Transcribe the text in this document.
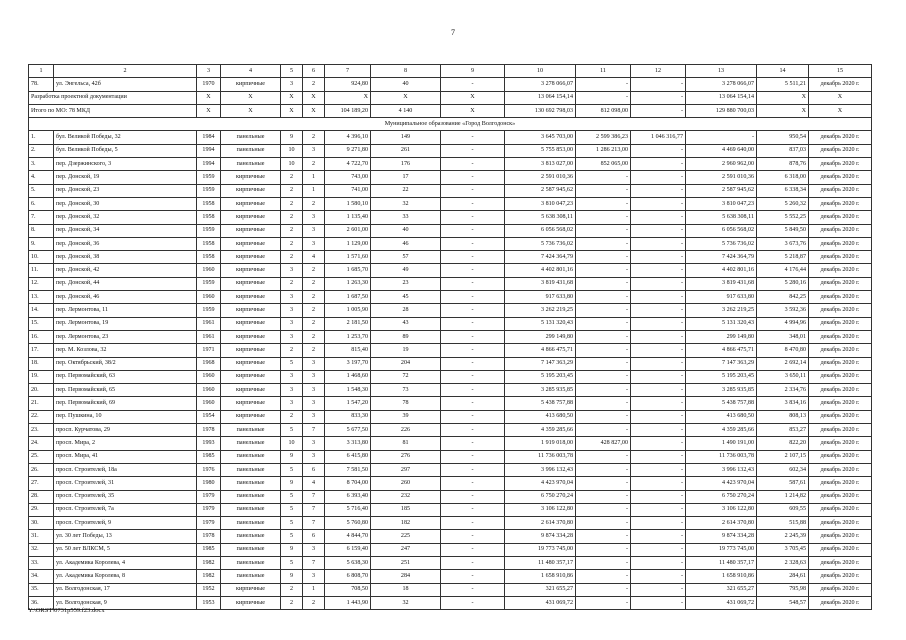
7
1	2	3	4	5	6	7	8	9	10	11	12	13	14	15
78.	ул. Энгельса, 42б	1970	кирпичные	3	2	924,80	40	-	3 278 066,07	-	-	3 278 066,07	5 511,21	декабрь 2020 г.
Разработка проектной документации		X	X	X	X	X	X	X	13 064 154,14	-	-	13 064 154,14	X	X
Итого по МО: 78 МКД		X	X	X	X	104 189,20	4 140	X	130 692 798,03	812 098,00	-	129 880 700,03	X	X
Муниципальное образование «Город Волгодонск»														
1.	бул. Великой Победы, 32	1984	панельные	9	2	4 396,10	149	-	3 645 703,00	2 599 386,23	1 046 316,77	-	950,54	декабрь 2020 г.
2.	бул. Великой Победы, 5	1994	панельные	10	3	9 271,80	261	-	5 755 853,00	1 286 213,00	-	4 469 640,00	837,03	декабрь 2020 г.
3.	пер. Дзержинского, 3	1994	панельные	10	2	4 722,70	176	-	3 813 027,00	852 065,00	-	2 960 962,00	878,76	декабрь 2020 г.
4.	пер. Донской, 19	1959	кирпичные	2	1	743,00	17	-	2 591 010,36	-	-	2 591 010,36	6 318,00	декабрь 2020 г.
5.	пер. Донской, 23	1959	кирпичные	2	1	741,00	22	-	2 587 945,62	-	-	2 587 945,62	6 338,34	декабрь 2020 г.
6.	пер. Донской, 30	1958	кирпичные	2	2	1 580,10	32	-	3 810 047,23	-	-	3 810 047,23	5 260,32	декабрь 2020 г.
7.	пер. Донской, 32	1958	кирпичные	2	3	1 135,40	33	-	5 638 308,11	-	-	5 638 308,11	5 552,25	декабрь 2020 г.
8.	пер. Донской, 34	1959	кирпичные	2	3	2 601,00	40	-	6 056 568,02	-	-	6 056 568,02	5 849,50	декабрь 2020 г.
9.	пер. Донской, 36	1958	кирпичные	2	3	1 129,00	46	-	5 736 736,02	-	-	5 736 736,02	3 673,76	декабрь 2020 г.
10.	пер. Донской, 38	1958	кирпичные	2	4	1 571,60	57	-	7 424 364,79	-	-	7 424 364,79	5 218,87	декабрь 2020 г.
11.	пер. Донской, 42	1960	кирпичные	3	2	1 685,70	49	-	4 402 801,16	-	-	4 402 801,16	4 176,44	декабрь 2020 г.
12.	пер. Донской, 44	1959	кирпичные	2	2	1 263,30	23	-	3 819 431,68	-	-	3 819 431,68	5 280,16	декабрь 2020 г.
13.	пер. Донской, 46	1960	кирпичные	3	2	1 687,50	45	-	917 633,80	-	-	917 633,80	842,25	декабрь 2020 г.
14.	пер. Лермонтова, 11	1959	кирпичные	3	2	1 005,90	28	-	3 262 219,25	-	-	3 262 219,25	3 592,36	декабрь 2020 г.
15.	пер. Лермонтова, 19	1961	кирпичные	3	2	2 181,50	43	-	5 131 320,43	-	-	5 131 320,43	4 994,96	декабрь 2020 г.
16.	пер. Лермонтова, 23	1961	кирпичные	3	2	1 253,70	89	-	299 149,80	-	-	299 149,80	348,01	декабрь 2020 г.
17.	пер. М. Козлова, 32	1971	кирпичные	2	2	815,40	19	-	4 866 475,71	-	-	4 866 475,71	8 470,80	декабрь 2020 г.
18.	пер. Октябрьский, 38/2	1968	кирпичные	5	3	3 197,70	204	-	7 147 363,29	-	-	7 147 363,29	2 692,14	декабрь 2020 г.
19.	пер. Первомайский, 63	1960	кирпичные	3	3	1 468,60	72	-	5 195 203,45	-	-	5 195 203,45	3 650,11	декабрь 2020 г.
20.	пер. Первомайский, 65	1960	кирпичные	3	3	1 548,30	73	-	3 285 935,85	-	-	3 285 935,85	2 334,76	декабрь 2020 г.
21.	пер. Первомайский, 69	1960	кирпичные	3	3	1 547,20	78	-	5 438 757,88	-	-	5 438 757,88	3 834,16	декабрь 2020 г.
22.	пер. Пушкина, 10	1954	кирпичные	2	3	833,30	39	-	413 680,50	-	-	413 680,50	808,13	декабрь 2020 г.
23.	просп. Курчатова, 29	1978	панельные	5	7	5 677,50	226	-	4 359 285,66	-	-	4 359 285,66	853,27	декабрь 2020 г.
24.	просп. Мира, 2	1993	панельные	10	3	3 313,80	81	-	1 919 018,00	428 827,00	-	1 490 191,00	822,20	декабрь 2020 г.
25.	просп. Мира, 41	1985	панельные	9	3	6 415,80	276	-	11 736 003,78	-	-	11 736 003,78	2 107,15	декабрь 2020 г.
26.	просп. Строителей, 18а	1976	панельные	5	6	7 581,50	297	-	3 996 132,43	-	-	3 996 132,43	602,34	декабрь 2020 г.
27.	просп. Строителей, 31	1980	панельные	9	4	8 704,00	260	-	4 423 970,04	-	-	4 423 970,04	587,61	декабрь 2020 г.
28.	просп. Строителей, 35	1979	панельные	5	7	6 393,40	232	-	6 750 270,24	-	-	6 750 270,24	1 214,82	декабрь 2020 г.
29.	просп. Строителей, 7а	1979	панельные	5	7	5 716,40	185	-	3 106 122,80	-	-	3 106 122,80	609,55	декабрь 2020 г.
30.	просп. Строителей, 9	1979	панельные	5	7	5 760,80	182	-	2 614 370,80	-	-	2 614 370,80	515,88	декабрь 2020 г.
31.	ул. 30 лет Победы, 13	1978	панельные	5	6	4 844,70	225	-	9 874 334,28	-	-	9 874 334,28	2 245,39	декабрь 2020 г.
32.	ул. 50 лет ВЛКСМ, 5	1985	панельные	9	3	6 159,40	247	-	19 773 745,00	-	-	19 773 745,00	3 705,45	декабрь 2020 г.
33.	ул. Академика Королева, 4	1982	панельные	5	7	5 638,30	251	-	11 480 357,17	-	-	11 480 357,17	2 328,63	декабрь 2020 г.
34.	ул. Академика Королева, 8	1982	панельные	9	3	6 808,70	284	-	1 658 910,86	-	-	1 658 910,86	284,61	декабрь 2020 г.
35.	ул. Волгодонская, 17	1952	кирпичные	2	1	708,50	18	-	321 655,27	-	-	321 655,27	795,98	декабрь 2020 г.
36.	ул. Волгодонская, 9	1953	кирпичные	2	2	1 443,90	32	-	431 069,72	-	-	431 069,72	548,57	декабрь 2020 г.
Y:\ORST\0731p559.f23.docx
